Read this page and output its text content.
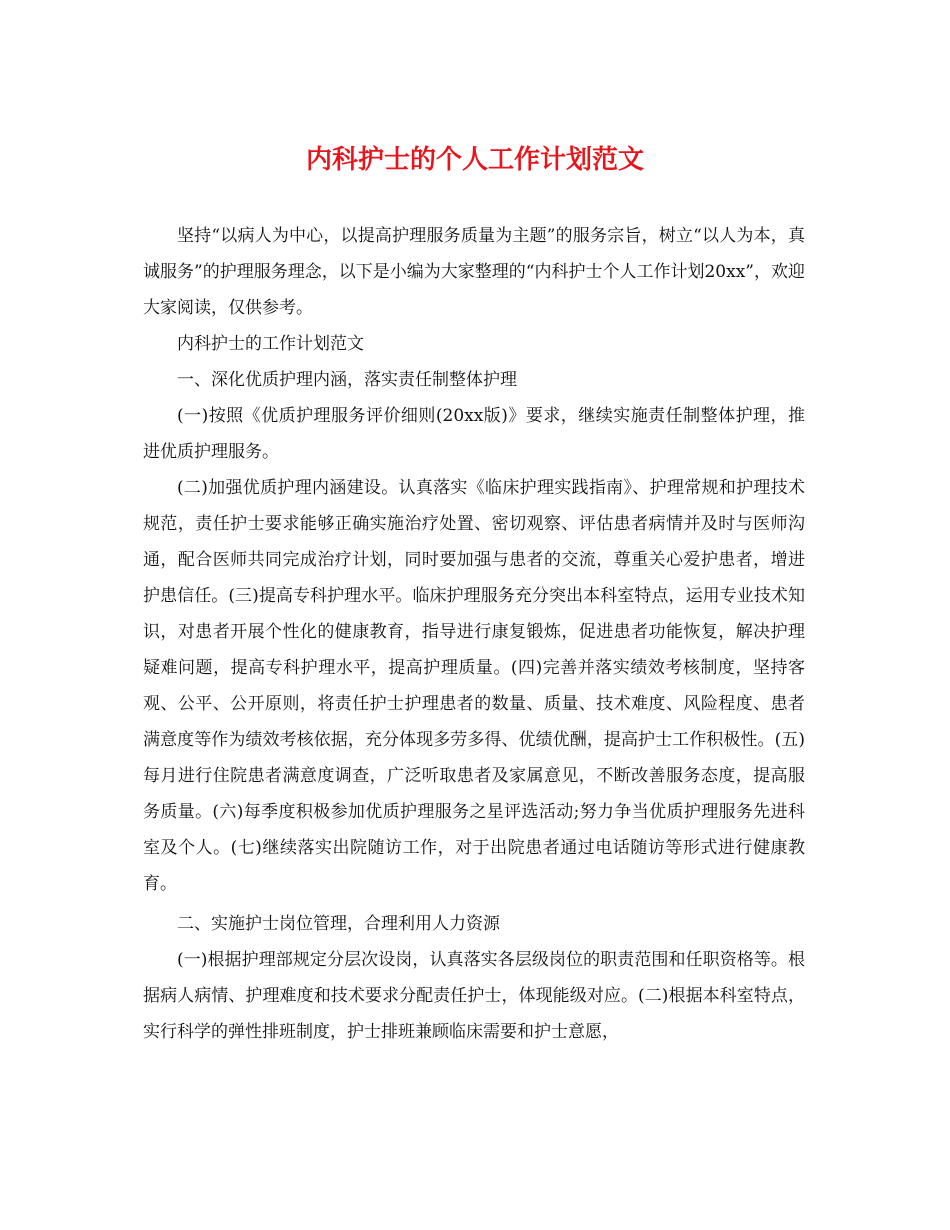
内科护士的个人工作计划范文

坚持“以病人为中心，以提高护理服务质量为主题”的服务宗旨，树立“以人为本，真诚服务”的护理服务理念，以下是小编为大家整理的“内科护士个人工作计划20xx”，欢迎大家阅读，仅供参考。

内科护士的工作计划范文

一、深化优质护理内涵，落实责任制整体护理

(一)按照《优质护理服务评价细则(20xx版)》要求，继续实施责任制整体护理，推进优质护理服务。

(二)加强优质护理内涵建设。认真落实《临床护理实践指南》、护理常规和护理技术规范，责任护士要求能够正确实施治疗处置、密切观察、评估患者病情并及时与医师沟通，配合医师共同完成治疗计划，同时要加强与患者的交流，尊重关心爱护患者，增进护患信任。(三)提高专科护理水平。临床护理服务充分突出本科室特点，运用专业技术知识，对患者开展个性化的健康教育，指导进行康复锻炼，促进患者功能恢复，解决护理疑难问题，提高专科护理水平，提高护理质量。(四)完善并落实绩效考核制度，坚持客观、公平、公开原则，将责任护士护理患者的数量、质量、技术难度、风险程度、患者满意度等作为绩效考核依据，充分体现多劳多得、优绩优酬，提高护士工作积极性。(五)每月进行住院患者满意度调查，广泛听取患者及家属意见，不断改善服务态度，提高服务质量。(六)每季度积极参加优质护理服务之星评选活动;努力争当优质护理服务先进科室及个人。(七)继续落实出院随访工作，对于出院患者通过电话随访等形式进行健康教育。

二、实施护士岗位管理，合理利用人力资源

(一)根据护理部规定分层次设岗，认真落实各层级岗位的职责范围和任职资格等。根据病人病情、护理难度和技术要求分配责任护士，体现能级对应。(二)根据本科室特点，实行科学的弹性排班制度，护士排班兼顾临床需要和护士意愿，
